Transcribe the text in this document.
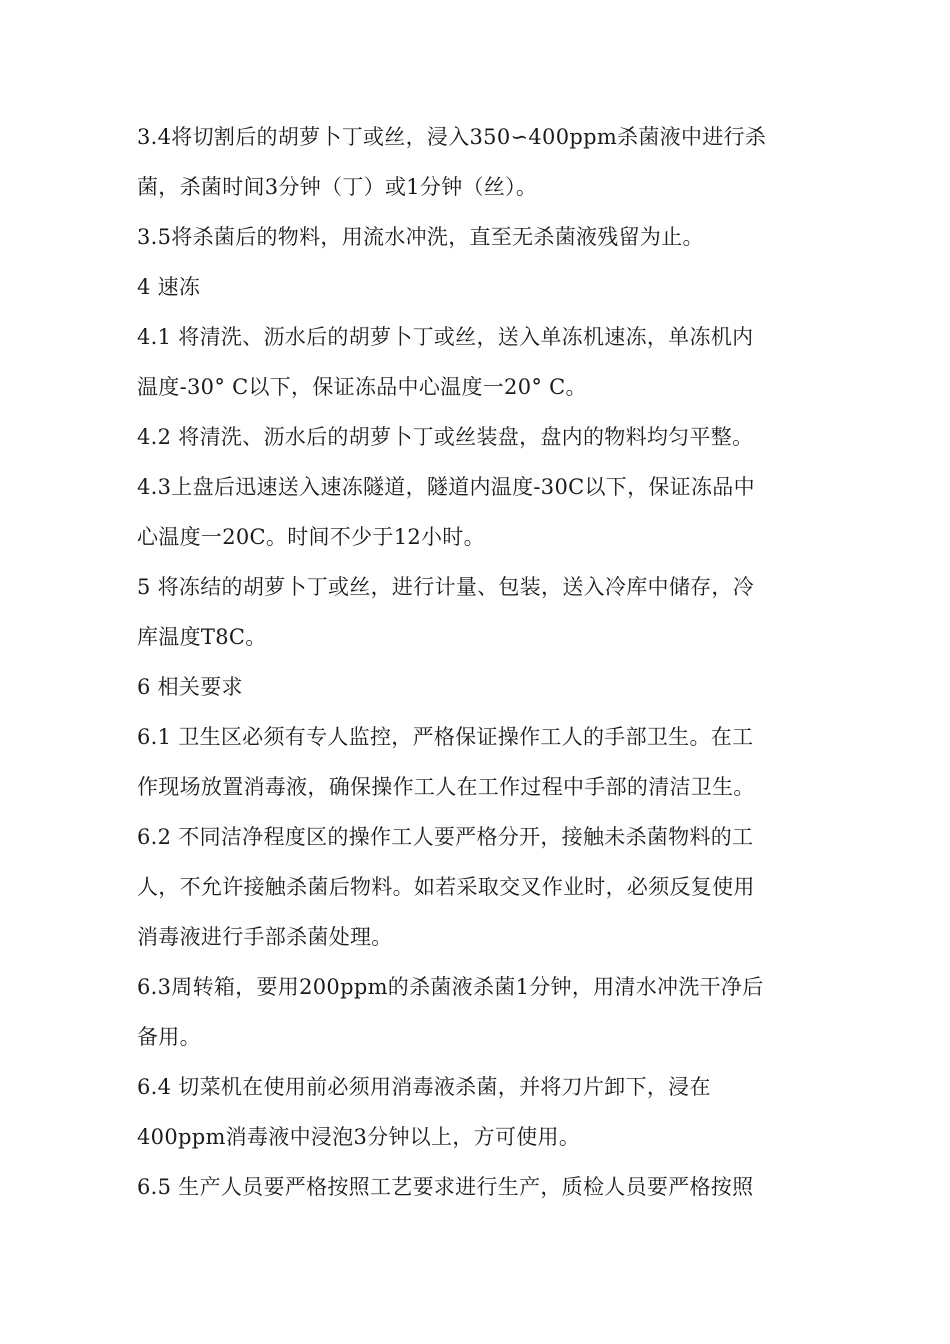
3.4将切割后的胡萝卜丁或丝，浸入350∽400ppm杀菌液中进行杀
菌，杀菌时间3分钟（丁）或1分钟（丝）。
3.5将杀菌后的物料，用流水冲洗，直至无杀菌液残留为止。
4 速冻
4.1 将清洗、沥水后的胡萝卜丁或丝，送入单冻机速冻，单冻机内
温度-30° C以下，保证冻品中心温度一20° C。
4.2 将清洗、沥水后的胡萝卜丁或丝装盘，盘内的物料均匀平整。
4.3上盘后迅速送入速冻隧道，隧道内温度-30C以下，保证冻品中
心温度一20C。时间不少于12小时。
5 将冻结的胡萝卜丁或丝，进行计量、包装，送入冷库中储存，冷
库温度T8C。
6 相关要求
6.1 卫生区必须有专人监控，严格保证操作工人的手部卫生。在工
作现场放置消毒液，确保操作工人在工作过程中手部的清洁卫生。
6.2 不同洁净程度区的操作工人要严格分开，接触未杀菌物料的工
人，不允许接触杀菌后物料。如若采取交叉作业时，必须反复使用
消毒液进行手部杀菌处理。
6.3周转箱，要用200ppm的杀菌液杀菌1分钟，用清水冲洗干净后
备用。
6.4 切菜机在使用前必须用消毒液杀菌，并将刀片卸下，浸在
400ppm消毒液中浸泡3分钟以上，方可使用。
6.5 生产人员要严格按照工艺要求进行生产，质检人员要严格按照
